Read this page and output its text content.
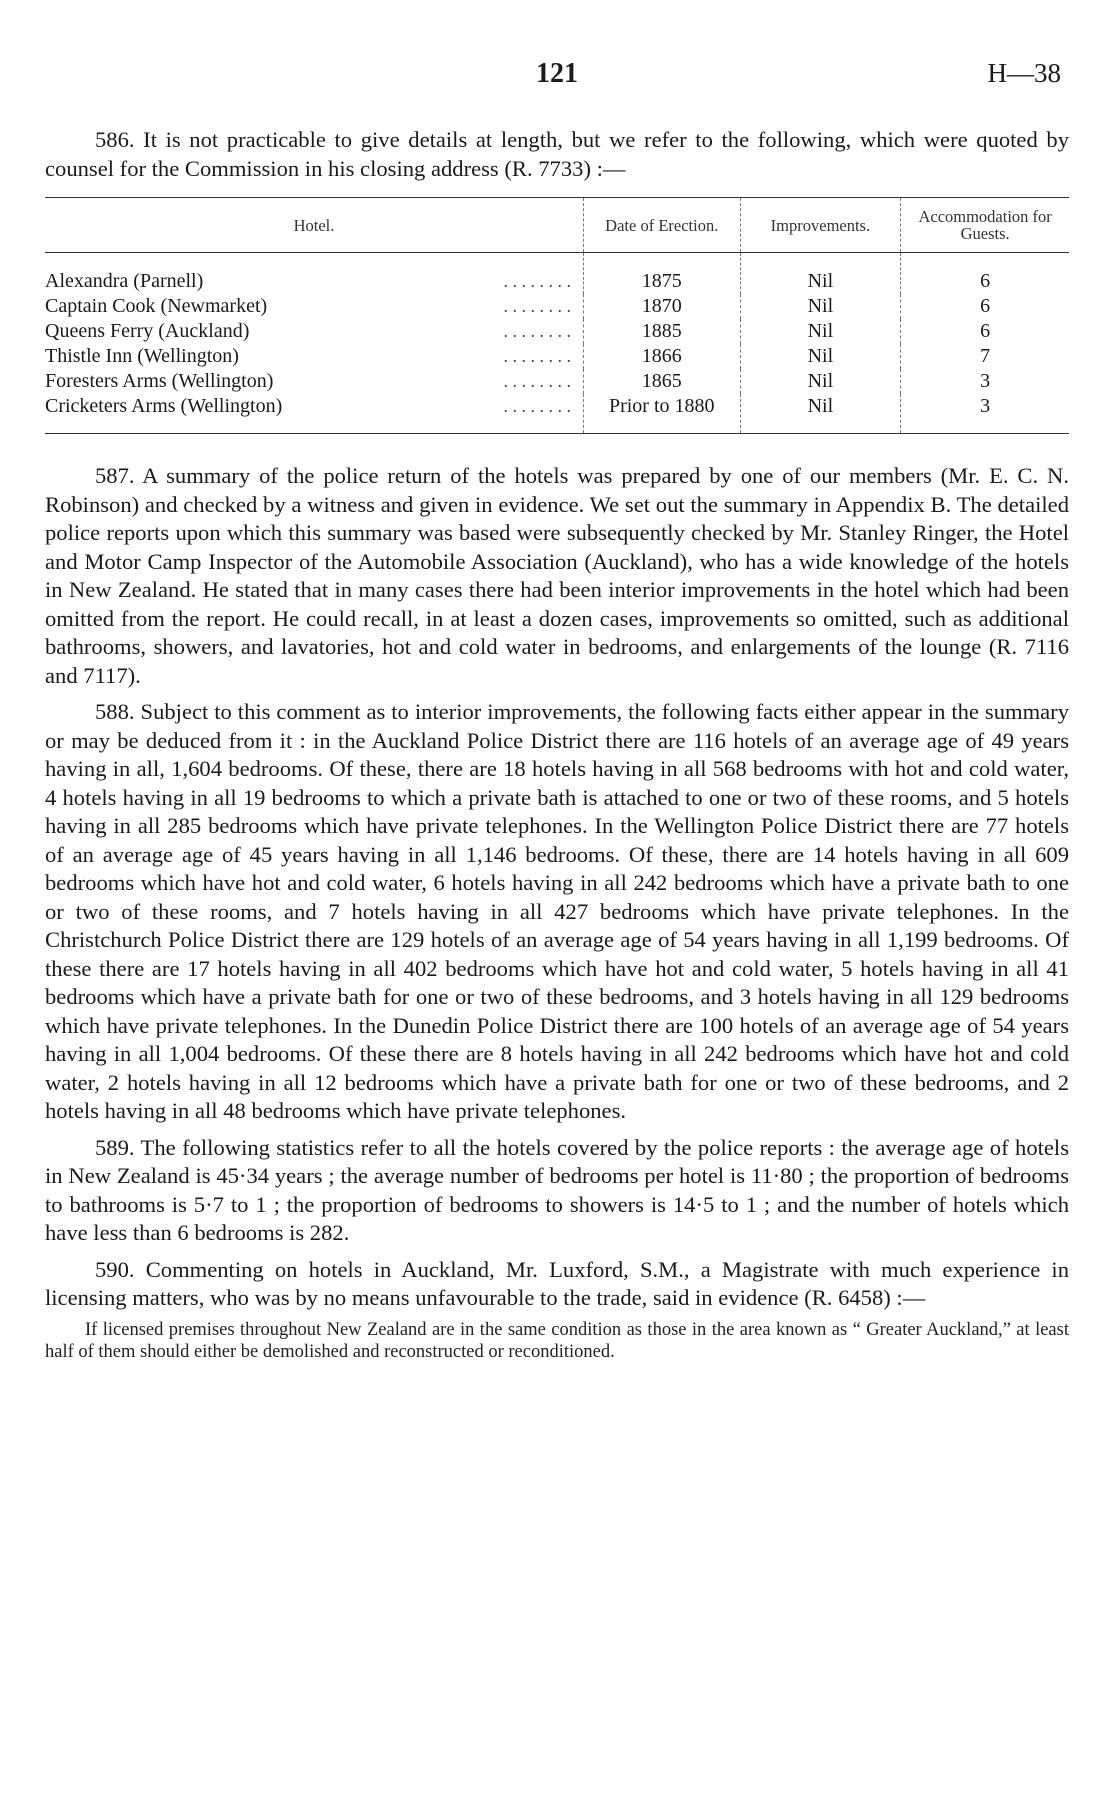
121	H—38

586. It is not practicable to give details at length, but we refer to the following, which were quoted by counsel for the Commission in his closing address (R. 7733) :—

Hotel.	Date of Erection.	Improvements.	Accommodation for Guests.
Alexandra (Parnell) . . . . . . . .	1875	Nil	6
Captain Cook (Newmarket) . . . . . . . .	1870	Nil	6
Queens Ferry (Auckland) . . . . . . . .	1885	Nil	6
Thistle Inn (Wellington) . . . . . . . .	1866	Nil	7
Foresters Arms (Wellington) . . . . . . . .	1865	Nil	3
Cricketers Arms (Wellington) . . . . . . . .	Prior to 1880	Nil	3

587. A summary of the police return of the hotels was prepared by one of our members (Mr. E. C. N. Robinson) and checked by a witness and given in evidence. We set out the summary in Appendix B. The detailed police reports upon which this summary was based were subsequently checked by Mr. Stanley Ringer, the Hotel and Motor Camp Inspector of the Automobile Association (Auckland), who has a wide knowledge of the hotels in New Zealand. He stated that in many cases there had been interior improvements in the hotel which had been omitted from the report. He could recall, in at least a dozen cases, improvements so omitted, such as additional bathrooms, showers, and lavatories, hot and cold water in bedrooms, and enlargements of the lounge (R. 7116 and 7117).

588. Subject to this comment as to interior improvements, the following facts either appear in the summary or may be deduced from it : in the Auckland Police District there are 116 hotels of an average age of 49 years having in all, 1,604 bedrooms. Of these, there are 18 hotels having in all 568 bedrooms with hot and cold water, 4 hotels having in all 19 bedrooms to which a private bath is attached to one or two of these rooms, and 5 hotels having in all 285 bedrooms which have private telephones. In the Wellington Police District there are 77 hotels of an average age of 45 years having in all 1,146 bedrooms. Of these, there are 14 hotels having in all 609 bedrooms which have hot and cold water, 6 hotels having in all 242 bedrooms which have a private bath to one or two of these rooms, and 7 hotels having in all 427 bedrooms which have private telephones. In the Christchurch Police District there are 129 hotels of an average age of 54 years having in all 1,199 bedrooms. Of these there are 17 hotels having in all 402 bedrooms which have hot and cold water, 5 hotels having in all 41 bedrooms which have a private bath for one or two of these bedrooms, and 3 hotels having in all 129 bedrooms which have private telephones. In the Dunedin Police District there are 100 hotels of an average age of 54 years having in all 1,004 bedrooms. Of these there are 8 hotels having in all 242 bedrooms which have hot and cold water, 2 hotels having in all 12 bedrooms which have a private bath for one or two of these bedrooms, and 2 hotels having in all 48 bedrooms which have private telephones.

589. The following statistics refer to all the hotels covered by the police reports : the average age of hotels in New Zealand is 45·34 years ; the average number of bedrooms per hotel is 11·80 ; the proportion of bedrooms to bathrooms is 5·7 to 1 ; the proportion of bedrooms to showers is 14·5 to 1 ; and the number of hotels which have less than 6 bedrooms is 282.

590. Commenting on hotels in Auckland, Mr. Luxford, S.M., a Magistrate with much experience in licensing matters, who was by no means unfavourable to the trade, said in evidence (R. 6458) :—

If licensed premises throughout New Zealand are in the same condition as those in the area known as “ Greater Auckland,” at least half of them should either be demolished and reconstructed or reconditioned.
